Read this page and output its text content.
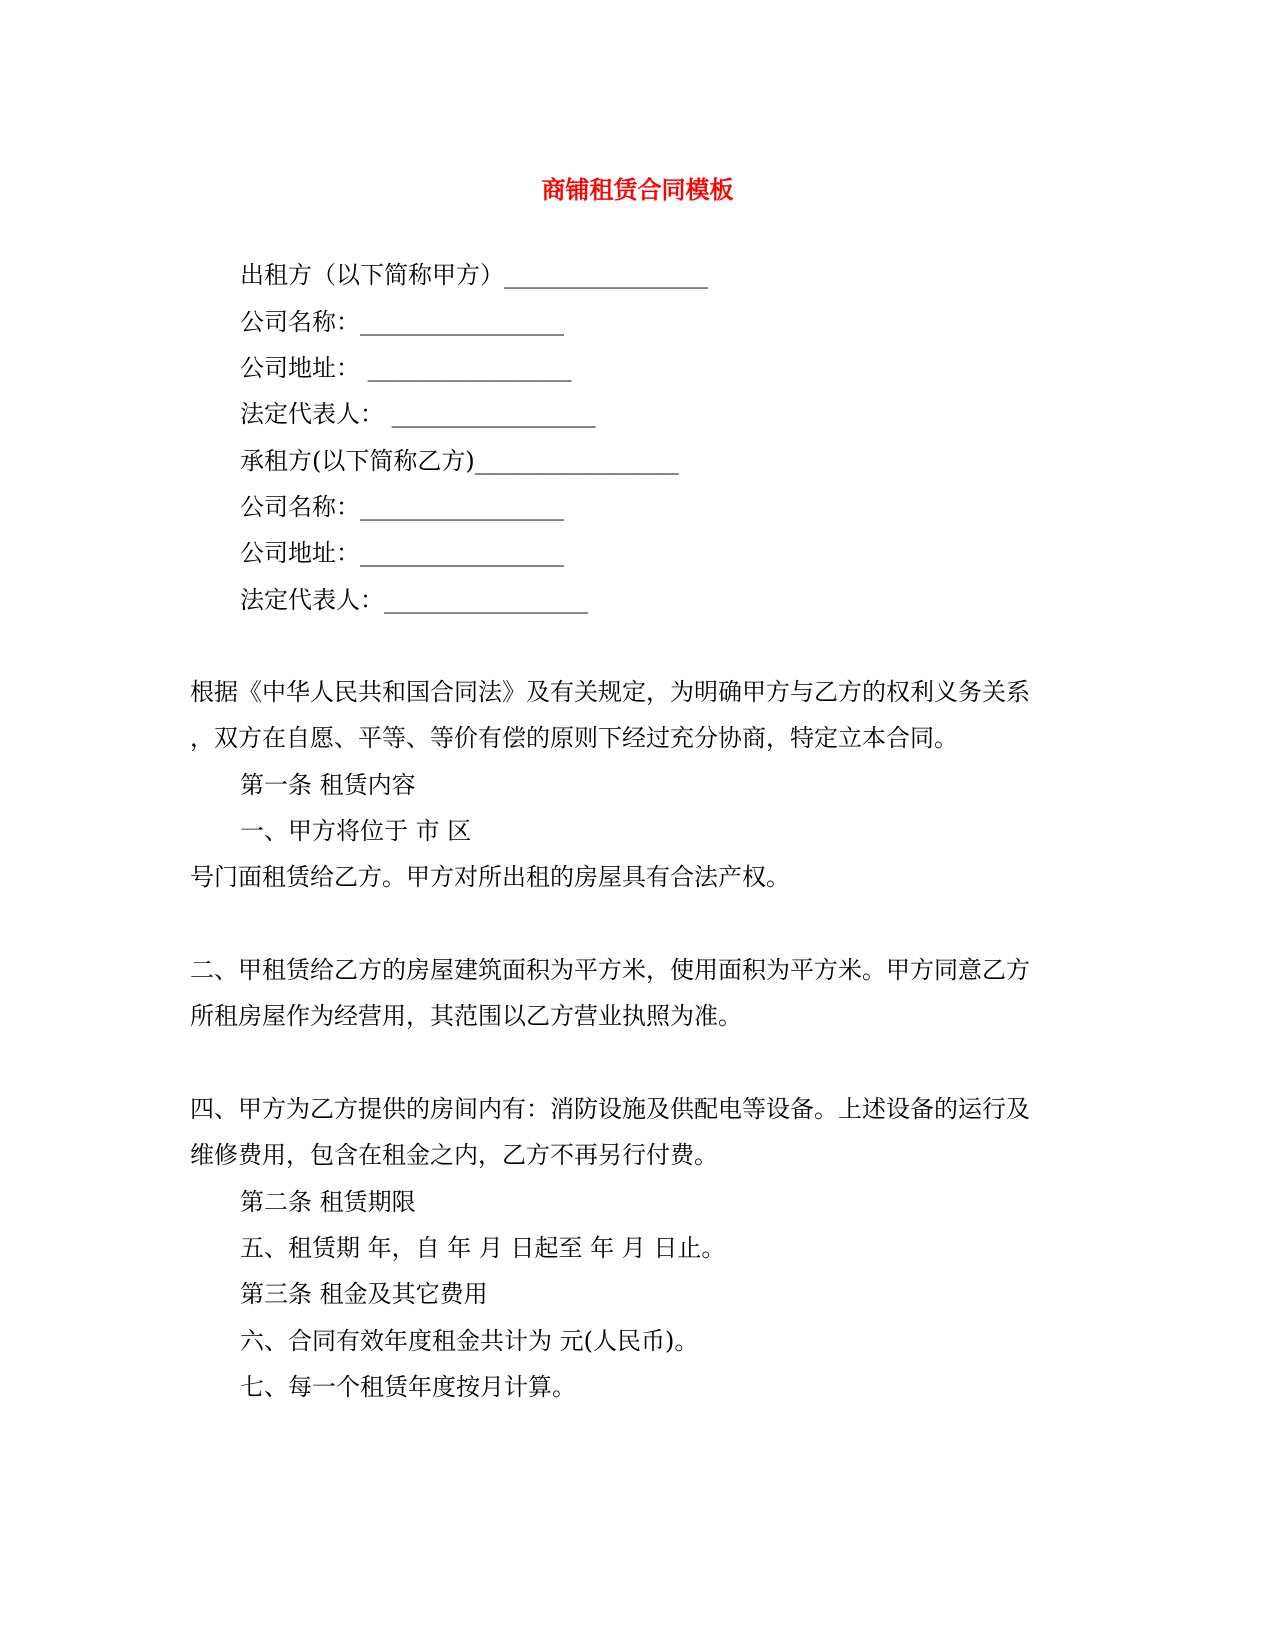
商铺租赁合同模板
出租方（以下简称甲方）_________________
公司名称：_________________
公司地址： _________________
法定代表人： _________________
承租方(以下简称乙方)_________________
公司名称：_________________
公司地址：_________________
法定代表人：_________________
根据《中华人民共和国合同法》及有关规定，为明确甲方与乙方的权利义务关系
，双方在自愿、平等、等价有偿的原则下经过充分协商，特定立本合同。
第一条 租赁内容
一、甲方将位于 市 区
号门面租赁给乙方。甲方对所出租的房屋具有合法产权。
二、甲租赁给乙方的房屋建筑面积为平方米，使用面积为平方米。甲方同意乙方
所租房屋作为经营用，其范围以乙方营业执照为准。
四、甲方为乙方提供的房间内有：消防设施及供配电等设备。上述设备的运行及
维修费用，包含在租金之内，乙方不再另行付费。
第二条 租赁期限
五、租赁期 年，自 年 月 日起至 年 月 日止。
第三条 租金及其它费用
六、合同有效年度租金共计为 元(人民币)。
七、每一个租赁年度按月计算。
